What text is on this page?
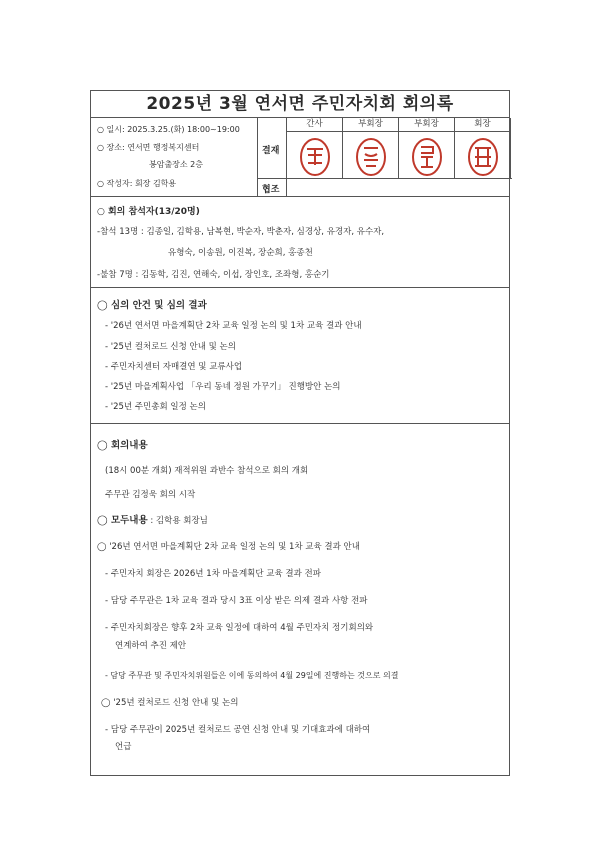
2025년 3월 연서면 주민자치회 회의록
○ 일시: 2025.3.25.(화) 18:00~19:00
○ 장소: 연서면 행정복지센터
봉암출장소 2층
○ 작성자: 회장 김학용
결재
협조
간사	부회장	부회장	회장
○ 회의 참석자(13/20명)
-참석 13명 : 김종일, 김학용, 남복현, 박순자, 박춘자, 심경상, 유경자, 유수자,
유형숙, 이송원, 이진복, 장순희, 홍종천
-불참 7명 : 김동학, 김진, 연해숙, 이섭, 장인호, 조좌형, 홍순기
◯ 심의 안건 및 심의 결과
- '26년 연서면 마을계획단 2차 교육 일정 논의 및 1차 교육 결과 안내
- '25년 컬처로드 신청 안내 및 논의
- 주민자치센터 자매결연 및 교류사업
- '25년 마을계획사업 「우리 동네 정원 가꾸기」 진행방안 논의
- '25년 주민총회 일정 논의
◯ 회의내용
(18시 00분 개회) 재적위원 과반수 참석으로 회의 개회
주무관 김정욱 회의 시작
◯ 모두내용 : 김학용 회장님
◯ '26년 연서면 마을계획단 2차 교육 일정 논의 및 1차 교육 결과 안내
- 주민자치 회장은 2026년 1차 마을계획단 교육 결과 전파
- 담당 주무관은 1차 교육 결과 당시 3표 이상 받은 의제 결과 사항 전파
- 주민자치회장은 향후 2차 교육 일정에 대하여 4월 주민자치 정기회의와
연계하여 추진 제안
- 담당 주무관 및 주민자치위원들은 이에 동의하여 4월 29일에 진행하는 것으로 의결
◯ '25년 컬처로드 신청 안내 및 논의
- 담당 주무관이 2025년 컬처로드 공연 신청 안내 및 기대효과에 대하여
언급
